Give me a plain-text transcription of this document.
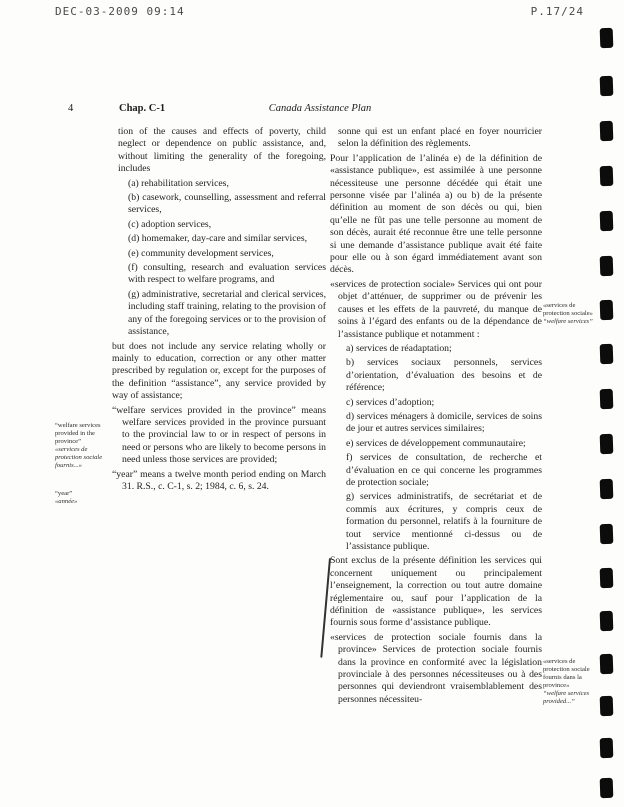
DEC-03-2009 09:14	P.17/24
4	Chap. C-1	Canada Assistance Plan

tion of the causes and effects of poverty, child neglect or dependence on public assistance, and, without limiting the generality of the foregoing, includes

(a) rehabilitation services,

(b) casework, counselling, assessment and referral services,

(c) adoption services,

(d) homemaker, day-care and similar services,

(e) community development services,

(f) consulting, research and evaluation services with respect to welfare programs, and

(g) administrative, secretarial and clerical services, including staff training, relating to the provision of any of the foregoing services or to the provision of assistance,

but does not include any service relating wholly or mainly to education, correction or any other matter prescribed by regulation or, except for the purposes of the definition “assistance”, any service provided by way of assistance;

“welfare services provided in the province” means welfare services provided in the province pursuant to the provincial law to or in respect of persons in need or persons who are likely to become persons in need unless those services are provided;

“year” means a twelve month period ending on March 31. R.S., c. C-1, s. 2; 1984, c. 6, s. 24.

sonne qui est un enfant placé en foyer nourricier selon la définition des règlements.

Pour l’application de l’alinéa e) de la définition de «assistance publique», est assimilée à une personne nécessiteuse une personne décédée qui était une personne visée par l’alinéa a) ou b) de la présente définition au moment de son décès ou qui, bien qu’elle ne fût pas une telle personne au moment de son décès, aurait été reconnue être une telle personne si une demande d’assistance publique avait été faite pour elle ou à son égard immédiatement avant son décès.

«services de protection sociale» Services qui ont pour objet d’atténuer, de supprimer ou de prévenir les causes et les effets de la pauvreté, du manque de soins à l’égard des enfants ou de la dépendance de l’assistance publique et notamment :

a) services de réadaptation;

b) services sociaux personnels, services d’orientation, d’évaluation des besoins et de référence;

c) services d’adoption;

d) services ménagers à domicile, services de soins de jour et autres services similaires;

e) services de développement communautaire;

f) services de consultation, de recherche et d’évaluation en ce qui concerne les programmes de protection sociale;

g) services administratifs, de secrétariat et de commis aux écritures, y compris ceux de formation du personnel, relatifs à la fourniture de tout service mentionné ci-dessus ou de l’assistance publique.

Sont exclus de la présente définition les services qui concernent uniquement ou principalement l’enseignement, la correction ou tout autre domaine réglementaire ou, sauf pour l’application de la définition de «assistance publique», les services fournis sous forme d’assistance publique.

«services de protection sociale fournis dans la province» Services de protection sociale fournis dans la province en conformité avec la législation provinciale à des personnes nécessiteuses ou à des personnes qui deviendront vraisemblablement des personnes nécessiteu-

“welfare services provided in the province”
«services de protection sociale fournis...»
“year”
«année»
«services de protection sociale»
“welfare services”
«services de protection sociale fournis dans la province»
“welfare services provided...”
